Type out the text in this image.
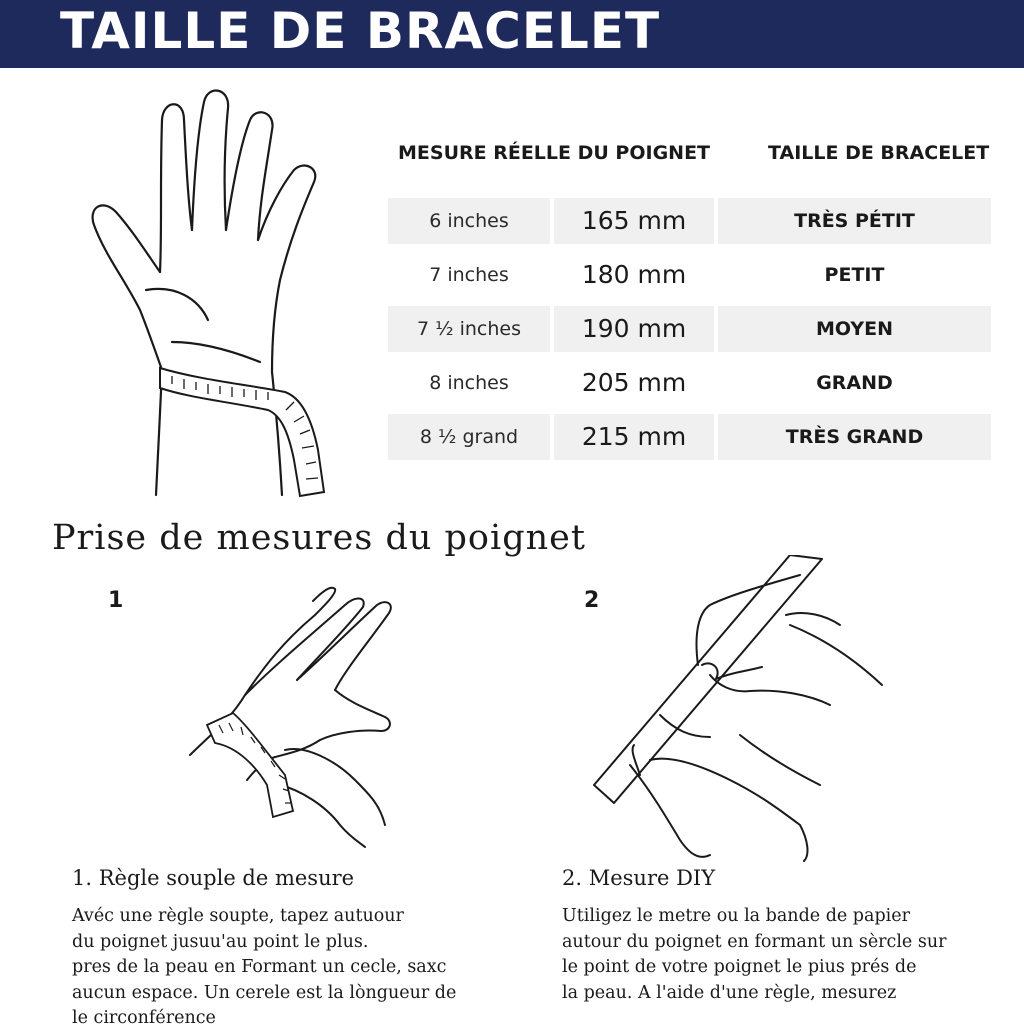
TAILLE DE BRACELET
MESURE RÉELLE DU POIGNET	TAILLE DE BRACELET
6 inches	165 mm	TRÈS PÉTIT
7 inches	180 mm	PETIT
7 ½ inches	190 mm	MOYEN
8 inches	205 mm	GRAND
8 ½ grand	215 mm	TRÈS GRAND
Prise de mesures du poignet
1	2
1. Règle souple de mesure	2. Mesure DIY
Avéc une règle soupte, tapez autuour
du poignet jusuu'au point le plus.
pres de la peau en Formant un cecle, saxc
aucun espace. Un cerele est la lòngueur de
le circonférence
Utiligez le metre ou la bande de papier
autour du poignet en formant un sèrcle sur
le point de votre poignet le pius prés de
la peau. A l'aide d'une règle, mesurez
